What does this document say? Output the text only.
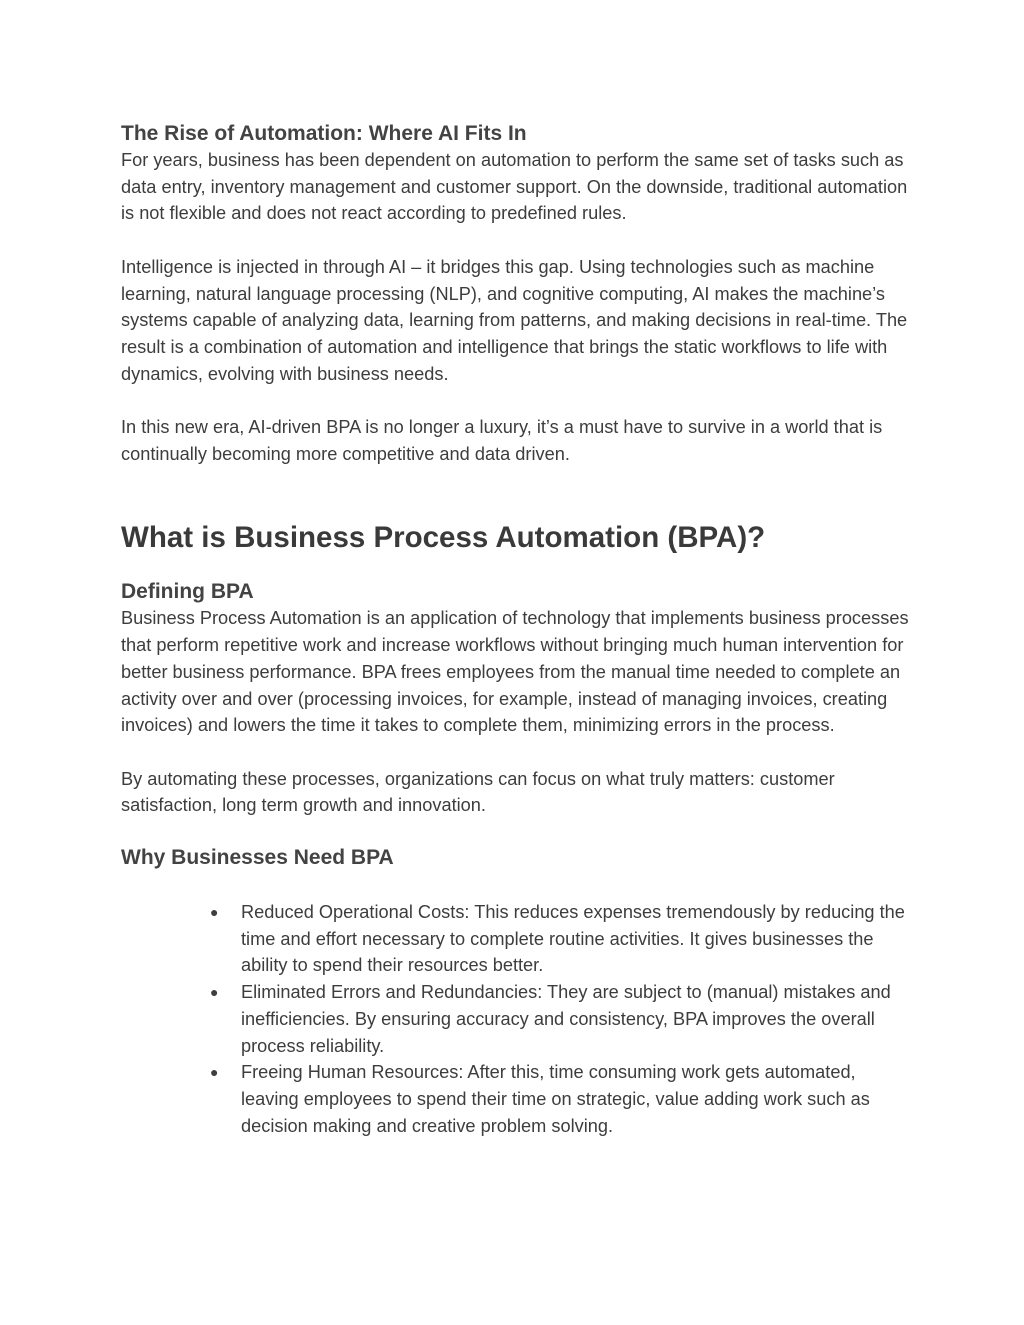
The Rise of Automation: Where AI Fits In

For years, business has been dependent on automation to perform the same set of tasks such as data entry, inventory management and customer support. On the downside, traditional automation is not flexible and does not react according to predefined rules.

Intelligence is injected in through AI – it bridges this gap. Using technologies such as machine learning, natural language processing (NLP), and cognitive computing, AI makes the machine’s systems capable of analyzing data, learning from patterns, and making decisions in real-time. The result is a combination of automation and intelligence that brings the static workflows to life with dynamics, evolving with business needs.

In this new era, AI-driven BPA is no longer a luxury, it’s a must have to survive in a world that is continually becoming more competitive and data driven.

What is Business Process Automation (BPA)?
Defining BPA

Business Process Automation is an application of technology that implements business processes that perform repetitive work and increase workflows without bringing much human intervention for better business performance. BPA frees employees from the manual time needed to complete an activity over and over (processing invoices, for example, instead of managing invoices, creating invoices) and lowers the time it takes to complete them, minimizing errors in the process.

By automating these processes, organizations can focus on what truly matters: customer satisfaction, long term growth and innovation.

Why Businesses Need BPA
● Reduced Operational Costs: This reduces expenses tremendously by reducing the time and effort necessary to complete routine activities. It gives businesses the ability to spend their resources better.
● Eliminated Errors and Redundancies: They are subject to (manual) mistakes and inefficiencies. By ensuring accuracy and consistency, BPA improves the overall process reliability.
● Freeing Human Resources: After this, time consuming work gets automated, leaving employees to spend their time on strategic, value adding work such as decision making and creative problem solving.
